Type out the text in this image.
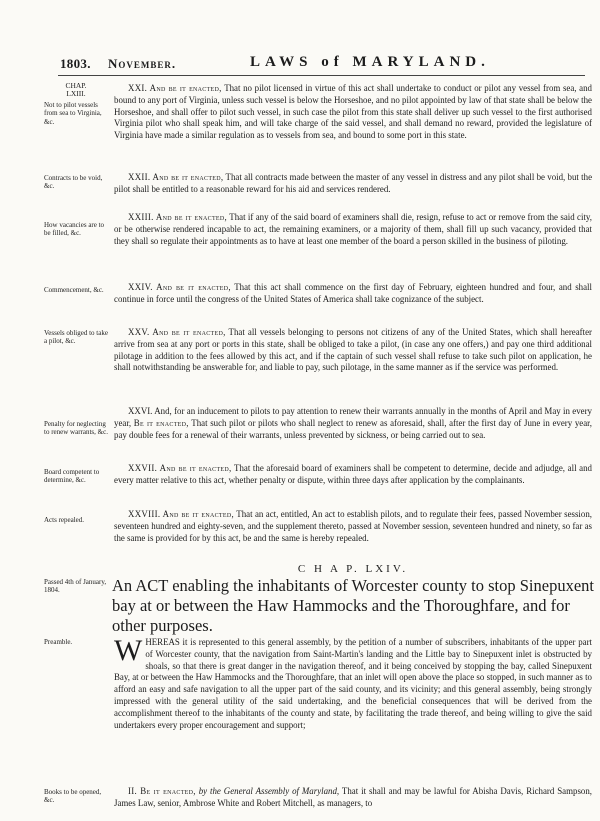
1803. November.	LAWS of MARYLAND.
CHAP.
LXIII.
Not to pilot vessels from sea to Virginia, &c.
Contracts to be void, &c.
How vacancies are to be filled, &c.
Commencement, &c.
Vessels obliged to take a pilot, &c.
Penalty for neglecting to renew warrants, &c.
Board competent to determine, &c.
Acts repealed.
Passed 4th of January, 1804.
Preamble.
Books to be opened, &c.

XXI. And be it enacted, That no pilot licensed in virtue of this act shall undertake to conduct or pilot any vessel from sea, and bound to any port of Virginia, unless such vessel is below the Horseshoe, and no pilot appointed by law of that state shall be below the Horseshoe, and shall offer to pilot such vessel, in such case the pilot from this state shall deliver up such vessel to the first authorised Virginia pilot who shall speak him, and will take charge of the said vessel, and shall demand no reward, provided the legislature of Virginia have made a similar regulation as to vessels from sea, and bound to some port in this state.

XXII. And be it enacted, That all contracts made between the master of any vessel in distress and any pilot shall be void, but the pilot shall be entitled to a reasonable reward for his aid and services rendered.

XXIII. And be it enacted, That if any of the said board of examiners shall die, resign, refuse to act or remove from the said city, or be otherwise rendered incapable to act, the remaining examiners, or a majority of them, shall fill up such vacancy, provided that they shall so regulate their appointments as to have at least one member of the board a person skilled in the business of piloting.

XXIV. And be it enacted, That this act shall commence on the first day of February, eighteen hundred and four, and shall continue in force until the congress of the United States of America shall take cognizance of the subject.

XXV. And be it enacted, That all vessels belonging to persons not citizens of any of the United States, which shall hereafter arrive from sea at any port or ports in this state, shall be obliged to take a pilot, (in case any one offers,) and pay one third additional pilotage in addition to the fees allowed by this act, and if the captain of such vessel shall refuse to take such pilot on application, he shall notwithstanding be answerable for, and liable to pay, such pilotage, in the same manner as if the service was performed.

XXVI. And, for an inducement to pilots to pay attention to renew their warrants annually in the months of April and May in every year, Be it enacted, That such pilot or pilots who shall neglect to renew as aforesaid, shall, after the first day of June in every year, pay double fees for a renewal of their warrants, unless prevented by sickness, or being carried out to sea.

XXVII. And be it enacted, That the aforesaid board of examiners shall be competent to determine, decide and adjudge, all and every matter relative to this act, whether penalty or dispute, within three days after application by the complainants.

XXVIII. And be it enacted, That an act, entitled, An act to establish pilots, and to regulate their fees, passed November session, seventeen hundred and eighty-seven, and the supplement thereto, passed at November session, seventeen hundred and ninety, so far as the same is provided for by this act, be and the same is hereby repealed.

C H A P. LXIV.
An ACT enabling the inhabitants of Worcester county to stop Sinepuxent bay at or between the Haw Hammocks and the Thoroughfare, and for other purposes.
WHEREAS it is represented to this general assembly, by the petition of a number of subscribers, inhabitants of the upper part of Worcester county, that the navigation from Saint-Martin's landing and the Little bay to Sinepuxent inlet is obstructed by shoals, so that there is great danger in the navigation thereof, and it being conceived by stopping the bay, called Sinepuxent Bay, at or between the Haw Hammocks and the Thoroughfare, that an inlet will open above the place so stopped, in such manner as to afford an easy and safe navigation to all the upper part of the said county, and its vicinity; and this general assembly, being strongly impressed with the general utility of the said undertaking, and the beneficial consequences that will be derived from the accomplishment thereof to the inhabitants of the county and state, by facilitating the trade thereof, and being willing to give the said undertakers every proper encouragement and support;

II. Be it enacted, by the General Assembly of Maryland, That it shall and may be lawful for Abisha Davis, Richard Sampson, James Law, senior, Ambrose White and Robert Mitchell, as managers, to
